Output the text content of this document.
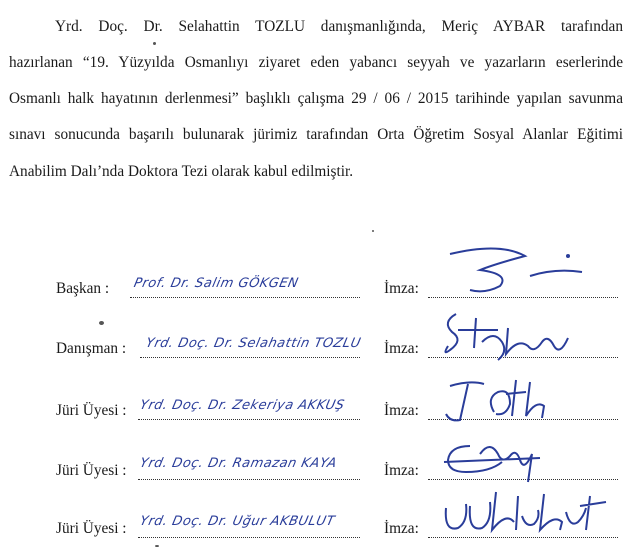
Yrd. Doç. Dr. Selahattin TOZLU danışmanlığında, Meriç AYBAR tarafından
hazırlanan “19. Yüzyılda Osmanlıyı ziyaret eden yabancı seyyah ve yazarların eserlerinde
Osmanlı halk hayatının derlenmesi” başlıklı çalışma 29 / 06 / 2015 tarihinde yapılan savunma
sınavı sonucunda başarılı bulunarak jürimiz tarafından Orta Öğretim Sosyal Alanlar Eğitimi
Anabilim Dalı’nda Doktora Tezi olarak kabul edilmiştir.
Başkan : Prof. Dr. Salim GÖKGEN	İmza:
Danışman : Yrd. Doç. Dr. Selahattin TOZLU İmza:
Jüri Üyesi : Yrd. Doç. Dr. Zekeriya AKKUŞ İmza:
Jüri Üyesi : Yrd. Doç. Dr. Ramazan KAYA	İmza:
Jüri Üyesi : Yrd. Doç. Dr. Uğur AKBULUT	İmza:
